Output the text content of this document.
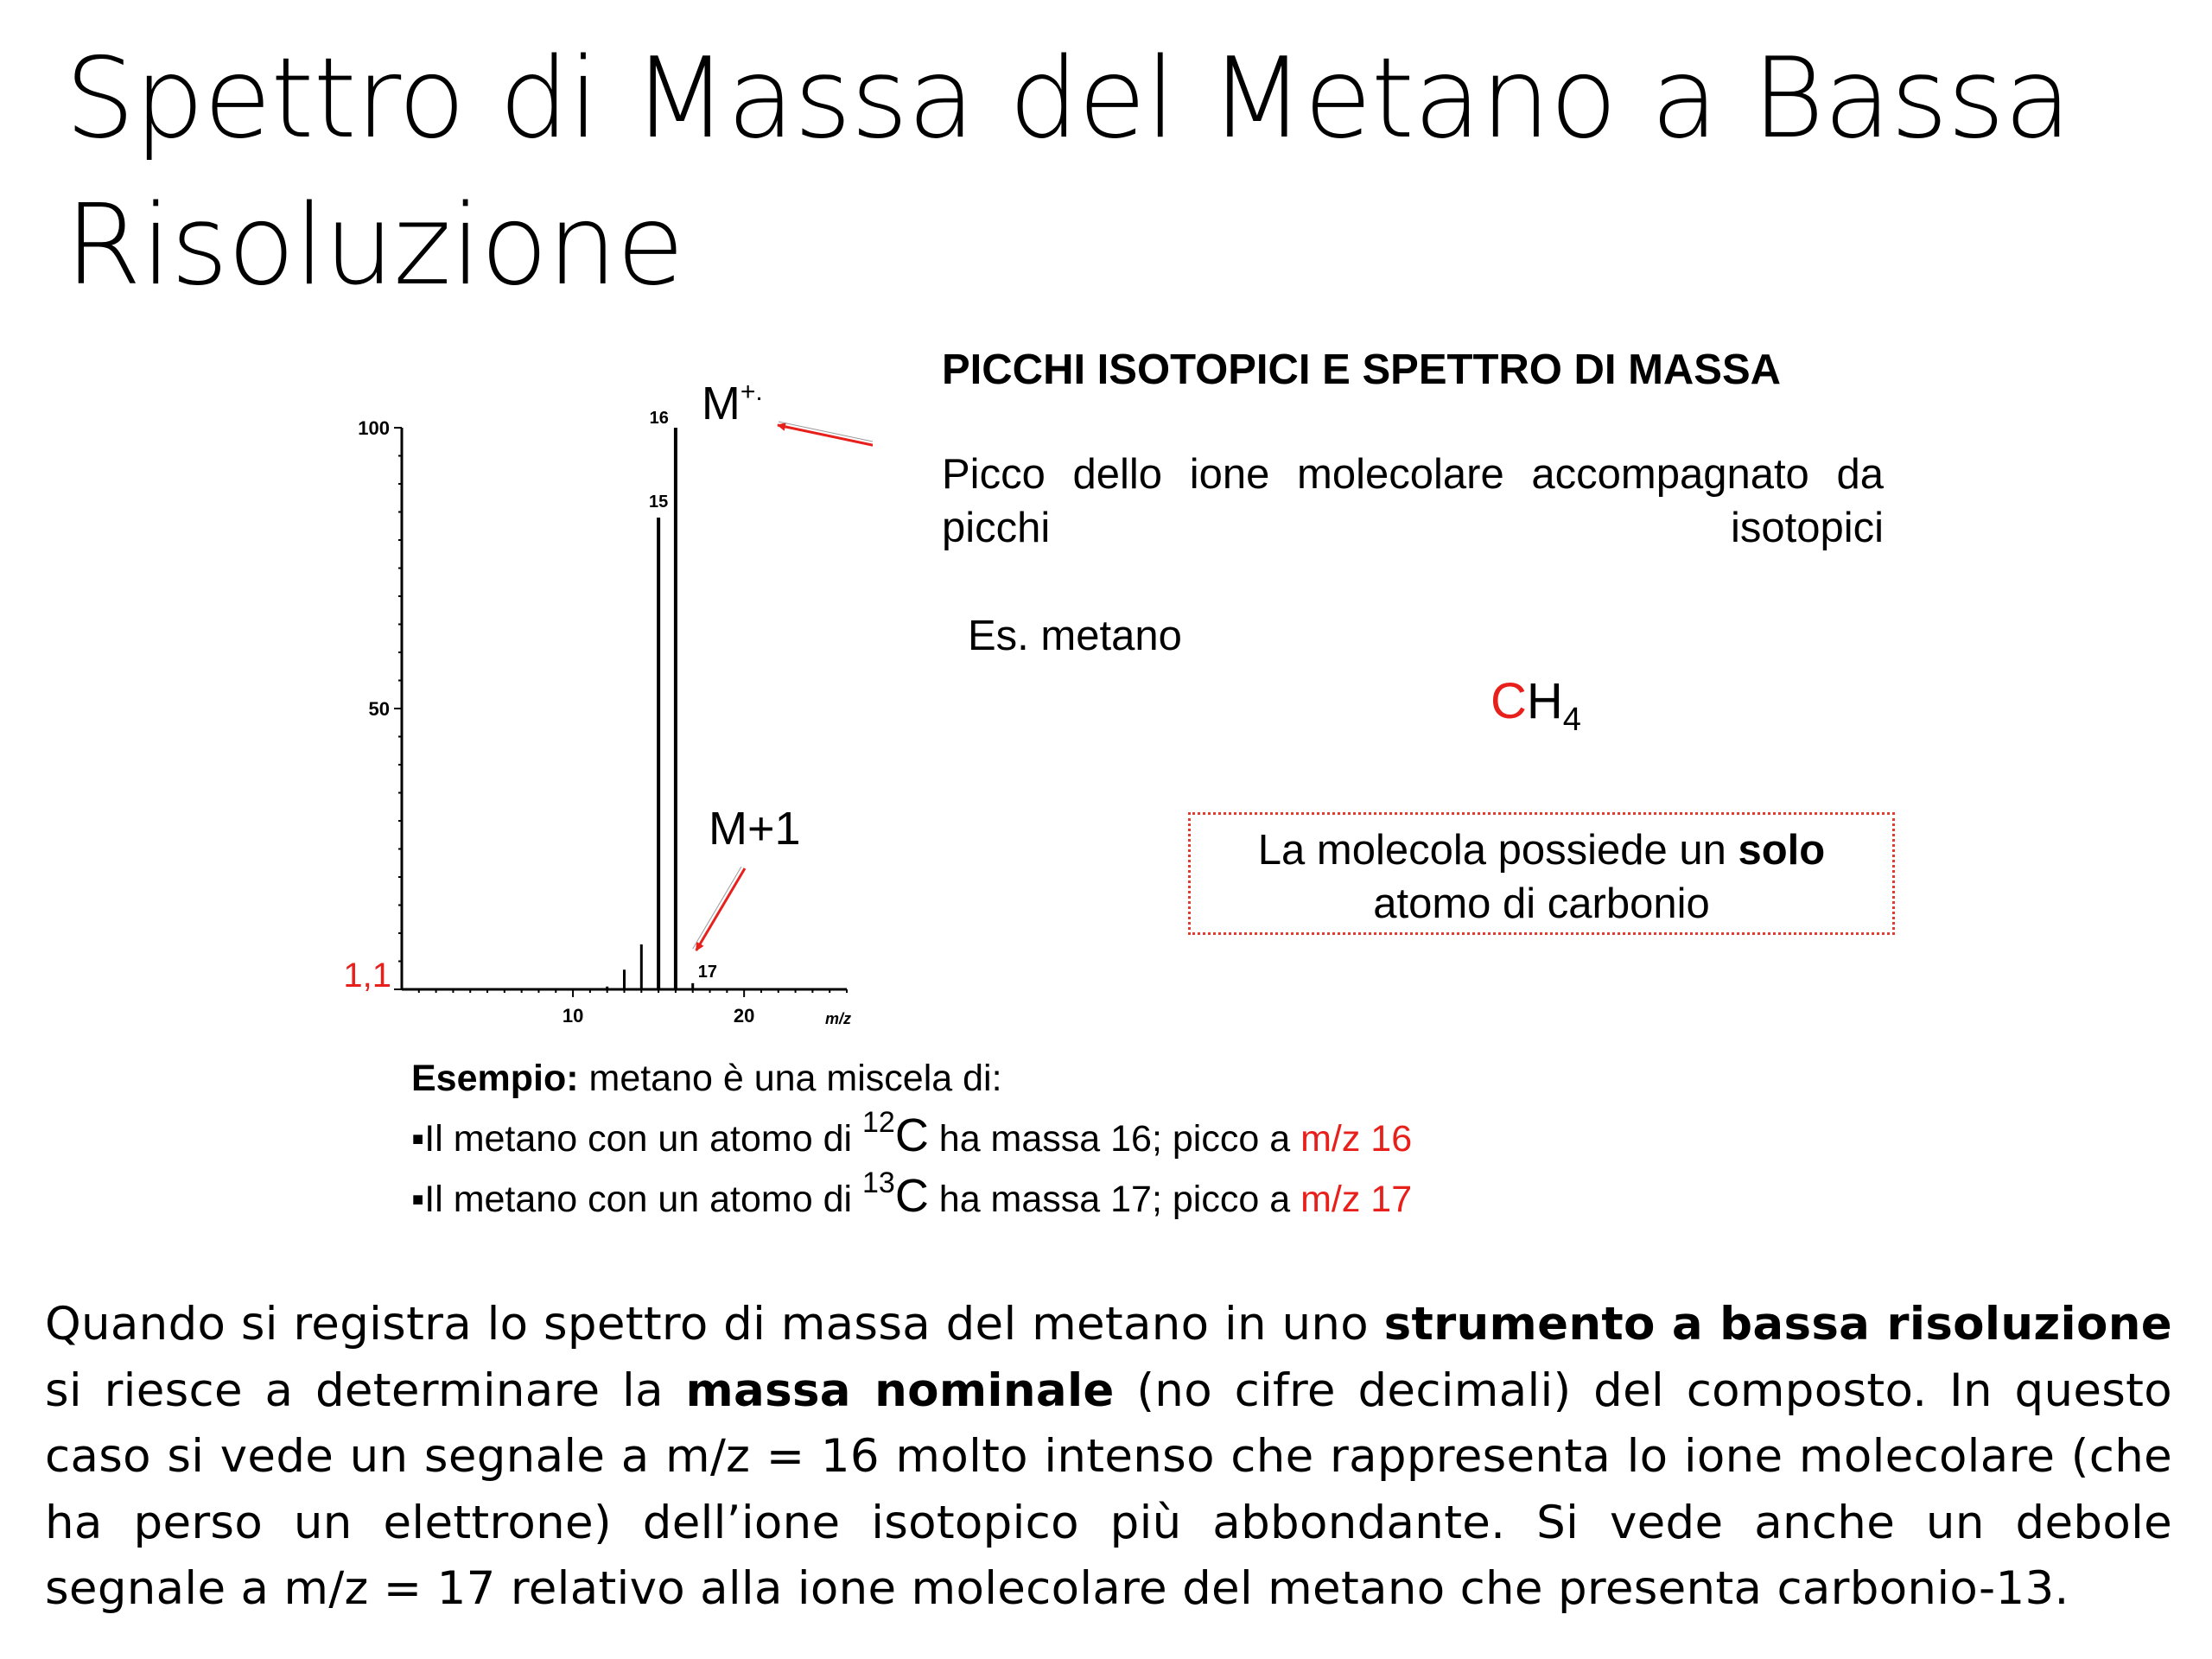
Spettro di Massa del Metano a Bassa Risoluzione
100
50
10	20	m/z
16
15
17
1,1
M+.
M+1
PICCHI ISOTOPICI E SPETTRO DI MASSA
Picco dello ione molecolare accompagnato da
picchi isotopici
Es. metano
$CH_4$
La molecola possiede un solo
atomo di carbonio
Esempio: metano è una miscela di:
▪Il metano con un atomo di $^{12}$C ha massa 16; picco a m/z 16
▪Il metano con un atomo di $^{13}$C ha massa 17; picco a m/z 17
Quando si registra lo spettro di massa del metano in uno strumento a bassa risoluzione si riesce a determinare la massa nominale (no cifre decimali) del composto. In questo caso si vede un segnale a m/z = 16 molto intenso che rappresenta lo ione molecolare (che ha perso un elettrone) dell’ione isotopico più abbondante. Si vede anche un debole segnale a m/z = 17 relativo alla ione molecolare del metano che presenta carbonio-13.
